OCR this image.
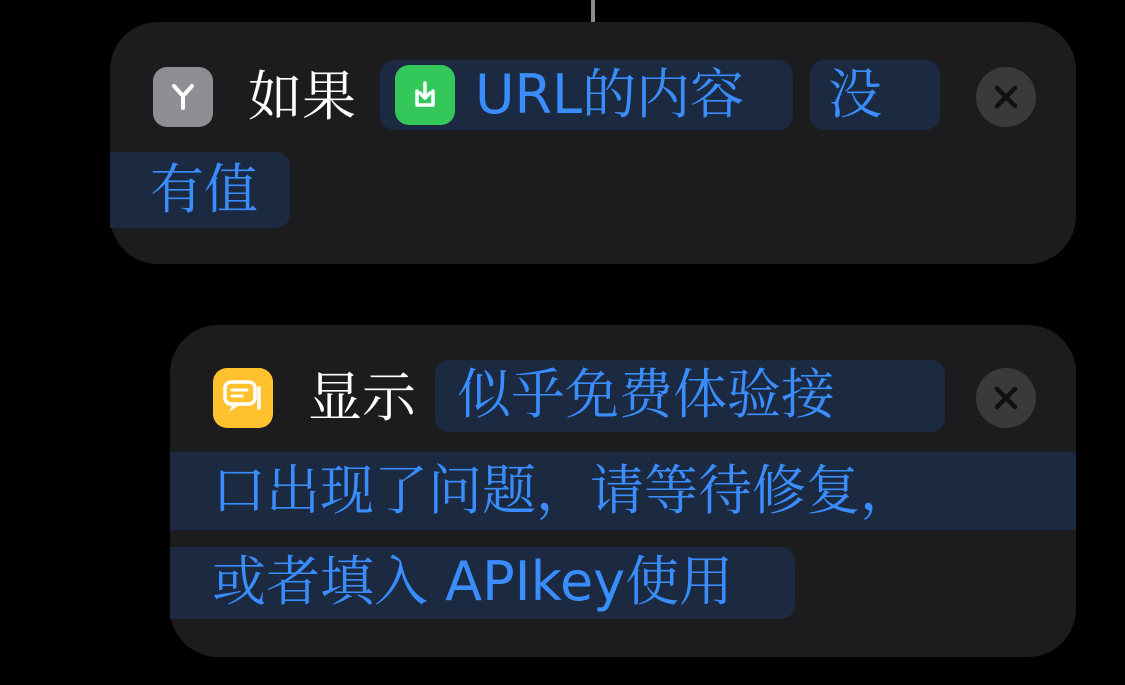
如果 URL的内容	没
有值
显示 似乎免费体验接
口出现了问题，请等待修复，
或者填入 APIkey使用
